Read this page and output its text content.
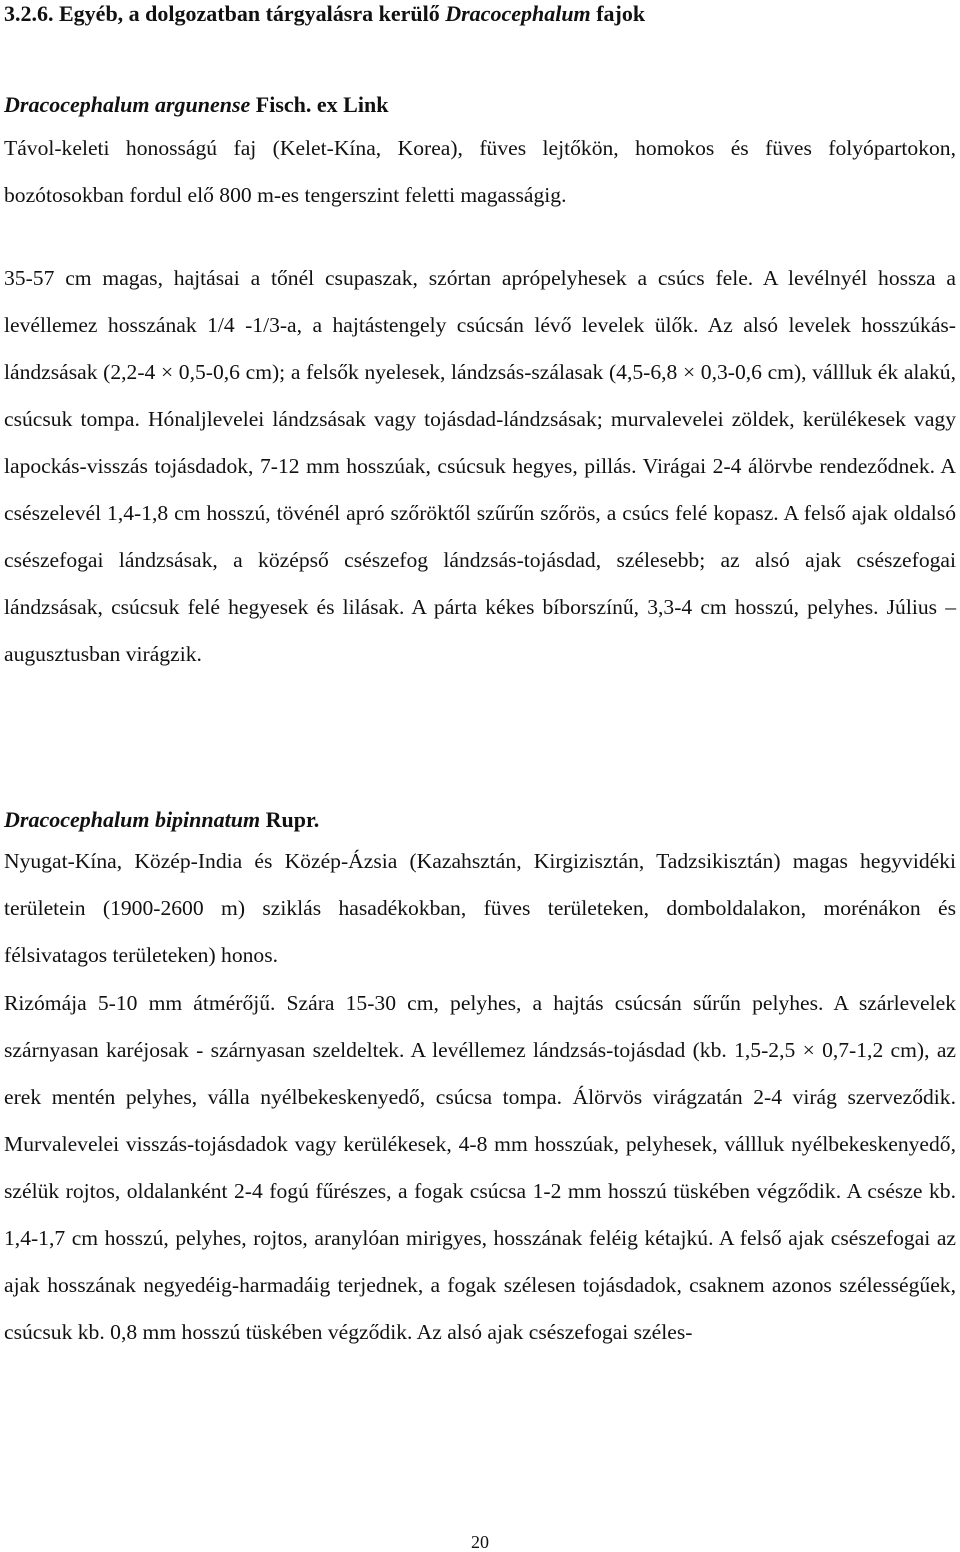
3.2.6. Egyéb, a dolgozatban tárgyalásra kerülő Dracocephalum fajok
Dracocephalum argunense Fisch. ex Link
Távol-keleti honosságú faj (Kelet-Kína, Korea), füves lejtőkön, homokos és füves folyópartokon, bozótosokban fordul elő 800 m-es tengerszint feletti magasságig.
35-57 cm magas, hajtásai a tőnél csupaszak, szórtan aprópelyhesek a csúcs fele. A levélnyél hossza a levéllemez hosszának 1/4 -1/3-a, a hajtástengely csúcsán lévő levelek ülők. Az alsó levelek hosszúkás-lándzsásak (2,2-4 × 0,5-0,6 cm); a felsők nyelesek, lándzsás-szálasak (4,5-6,8 × 0,3-0,6 cm), vállluk ék alakú, csúcsuk tompa. Hónaljlevelei lándzsásak vagy tojásdad-lándzsásak; murvalevelei zöldek, kerülékesek vagy lapockás-visszás tojásdadok, 7-12 mm hosszúak, csúcsuk hegyes, pillás. Virágai 2-4 álörvbe rendeződnek. A csészelevél 1,4-1,8 cm hosszú, tövénél apró szőröktől szűrűn szőrös, a csúcs felé kopasz. A felső ajak oldalsó csészefogai lándzsásak, a középső csészefog lándzsás-tojásdad, szélesebb; az alsó ajak csészefogai lándzsásak, csúcsuk felé hegyesek és lilásak. A párta kékes bíborszínű, 3,3-4 cm hosszú, pelyhes. Július – augusztusban virágzik.
Dracocephalum bipinnatum Rupr.
Nyugat-Kína, Közép-India és Közép-Ázsia (Kazahsztán, Kirgizisztán, Tadzsikisztán) magas hegyvidéki területein (1900-2600 m) sziklás hasadékokban, füves területeken, domboldalakon, morénákon és félsivatagos területeken) honos.
Rizómája 5-10 mm átmérőjű. Szára 15-30 cm, pelyhes, a hajtás csúcsán sűrűn pelyhes. A szárlevelek szárnyasan karéjosak - szárnyasan szeldeltek. A levéllemez lándzsás-tojásdad (kb. 1,5-2,5 × 0,7-1,2 cm), az erek mentén pelyhes, válla nyélbekeskenyedő, csúcsa tompa. Álörvös virágzatán 2-4 virág szerveződik. Murvalevelei visszás-tojásdadok vagy kerülékesek, 4-8 mm hosszúak, pelyhesek, vállluk nyélbekeskenyedő, szélük rojtos, oldalanként 2-4 fogú fűrészes, a fogak csúcsa 1-2 mm hosszú tüskében végződik. A csésze kb. 1,4-1,7 cm hosszú, pelyhes, rojtos, aranylóan mirigyes, hosszának feléig kétajkú. A felső ajak csészefogai az ajak hosszának negyedéig-harmadáig terjednek, a fogak szélesen tojásdadok, csaknem azonos szélességűek, csúcsuk kb. 0,8 mm hosszú tüskében végződik. Az alsó ajak csészefogai széles-
20
